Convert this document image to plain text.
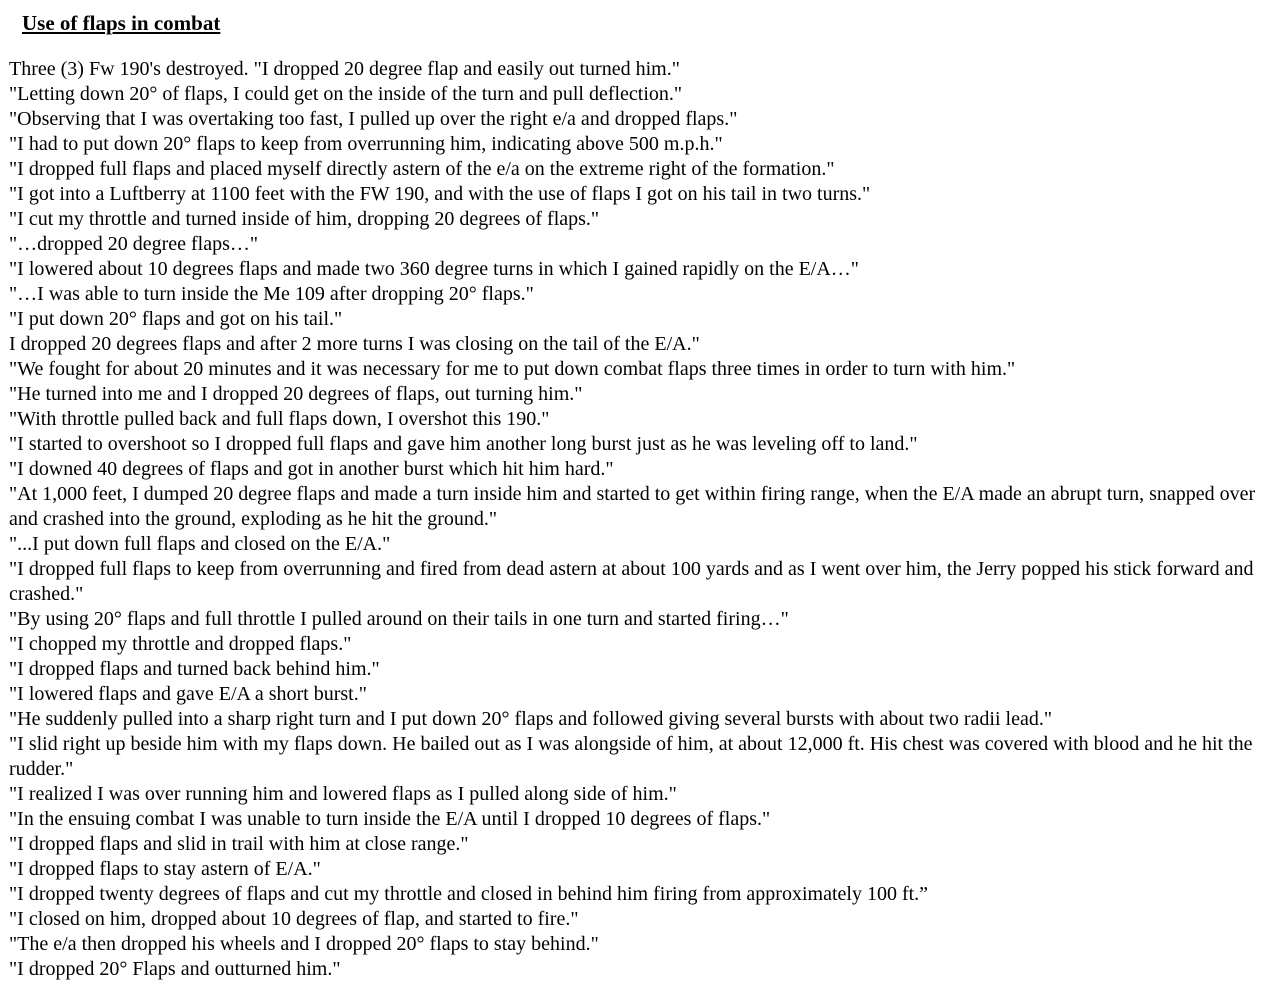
Use of flaps in combat

Three (3) Fw 190's destroyed. "I dropped 20 degree flap and easily out turned him."

"Letting down 20° of flaps, I could get on the inside of the turn and pull deflection."

"Observing that I was overtaking too fast, I pulled up over the right e/a and dropped flaps."

"I had to put down 20° flaps to keep from overrunning him, indicating above 500 m.p.h."

"I dropped full flaps and placed myself directly astern of the e/a on the extreme right of the formation."

"I got into a Luftberry at 1100 feet with the FW 190, and with the use of flaps I got on his tail in two turns."

"I cut my throttle and turned inside of him, dropping 20 degrees of flaps."

"…dropped 20 degree flaps…"

"I lowered about 10 degrees flaps and made two 360 degree turns in which I gained rapidly on the E/A…"

"…I was able to turn inside the Me 109 after dropping 20° flaps."

"I put down 20° flaps and got on his tail."

I dropped 20 degrees flaps and after 2 more turns I was closing on the tail of the E/A."

"We fought for about 20 minutes and it was necessary for me to put down combat flaps three times in order to turn with him."

"He turned into me and I dropped 20 degrees of flaps, out turning him."

"With throttle pulled back and full flaps down, I overshot this 190."

"I started to overshoot so I dropped full flaps and gave him another long burst just as he was leveling off to land."

"I downed 40 degrees of flaps and got in another burst which hit him hard."

"At 1,000 feet, I dumped 20 degree flaps and made a turn inside him and started to get within firing range, when the E/A made an abrupt turn, snapped over and crashed into the ground, exploding as he hit the ground."

"...I put down full flaps and closed on the E/A."

"I dropped full flaps to keep from overrunning and fired from dead astern at about 100 yards and as I went over him, the Jerry popped his stick forward and crashed."

"By using 20° flaps and full throttle I pulled around on their tails in one turn and started firing…"

"I chopped my throttle and dropped flaps."

"I dropped flaps and turned back behind him."

"I lowered flaps and gave E/A a short burst."

"He suddenly pulled into a sharp right turn and I put down 20° flaps and followed giving several bursts with about two radii lead."

"I slid right up beside him with my flaps down. He bailed out as I was alongside of him, at about 12,000 ft. His chest was covered with blood and he hit the rudder."

"I realized I was over running him and lowered flaps as I pulled along side of him."

"In the ensuing combat I was unable to turn inside the E/A until I dropped 10 degrees of flaps."

"I dropped flaps and slid in trail with him at close range."

"I dropped flaps to stay astern of E/A."

"I dropped twenty degrees of flaps and cut my throttle and closed in behind him firing from approximately 100 ft.”

"I closed on him, dropped about 10 degrees of flap, and started to fire."

"The e/a then dropped his wheels and I dropped 20° flaps to stay behind."

"I dropped 20° Flaps and outturned him."
